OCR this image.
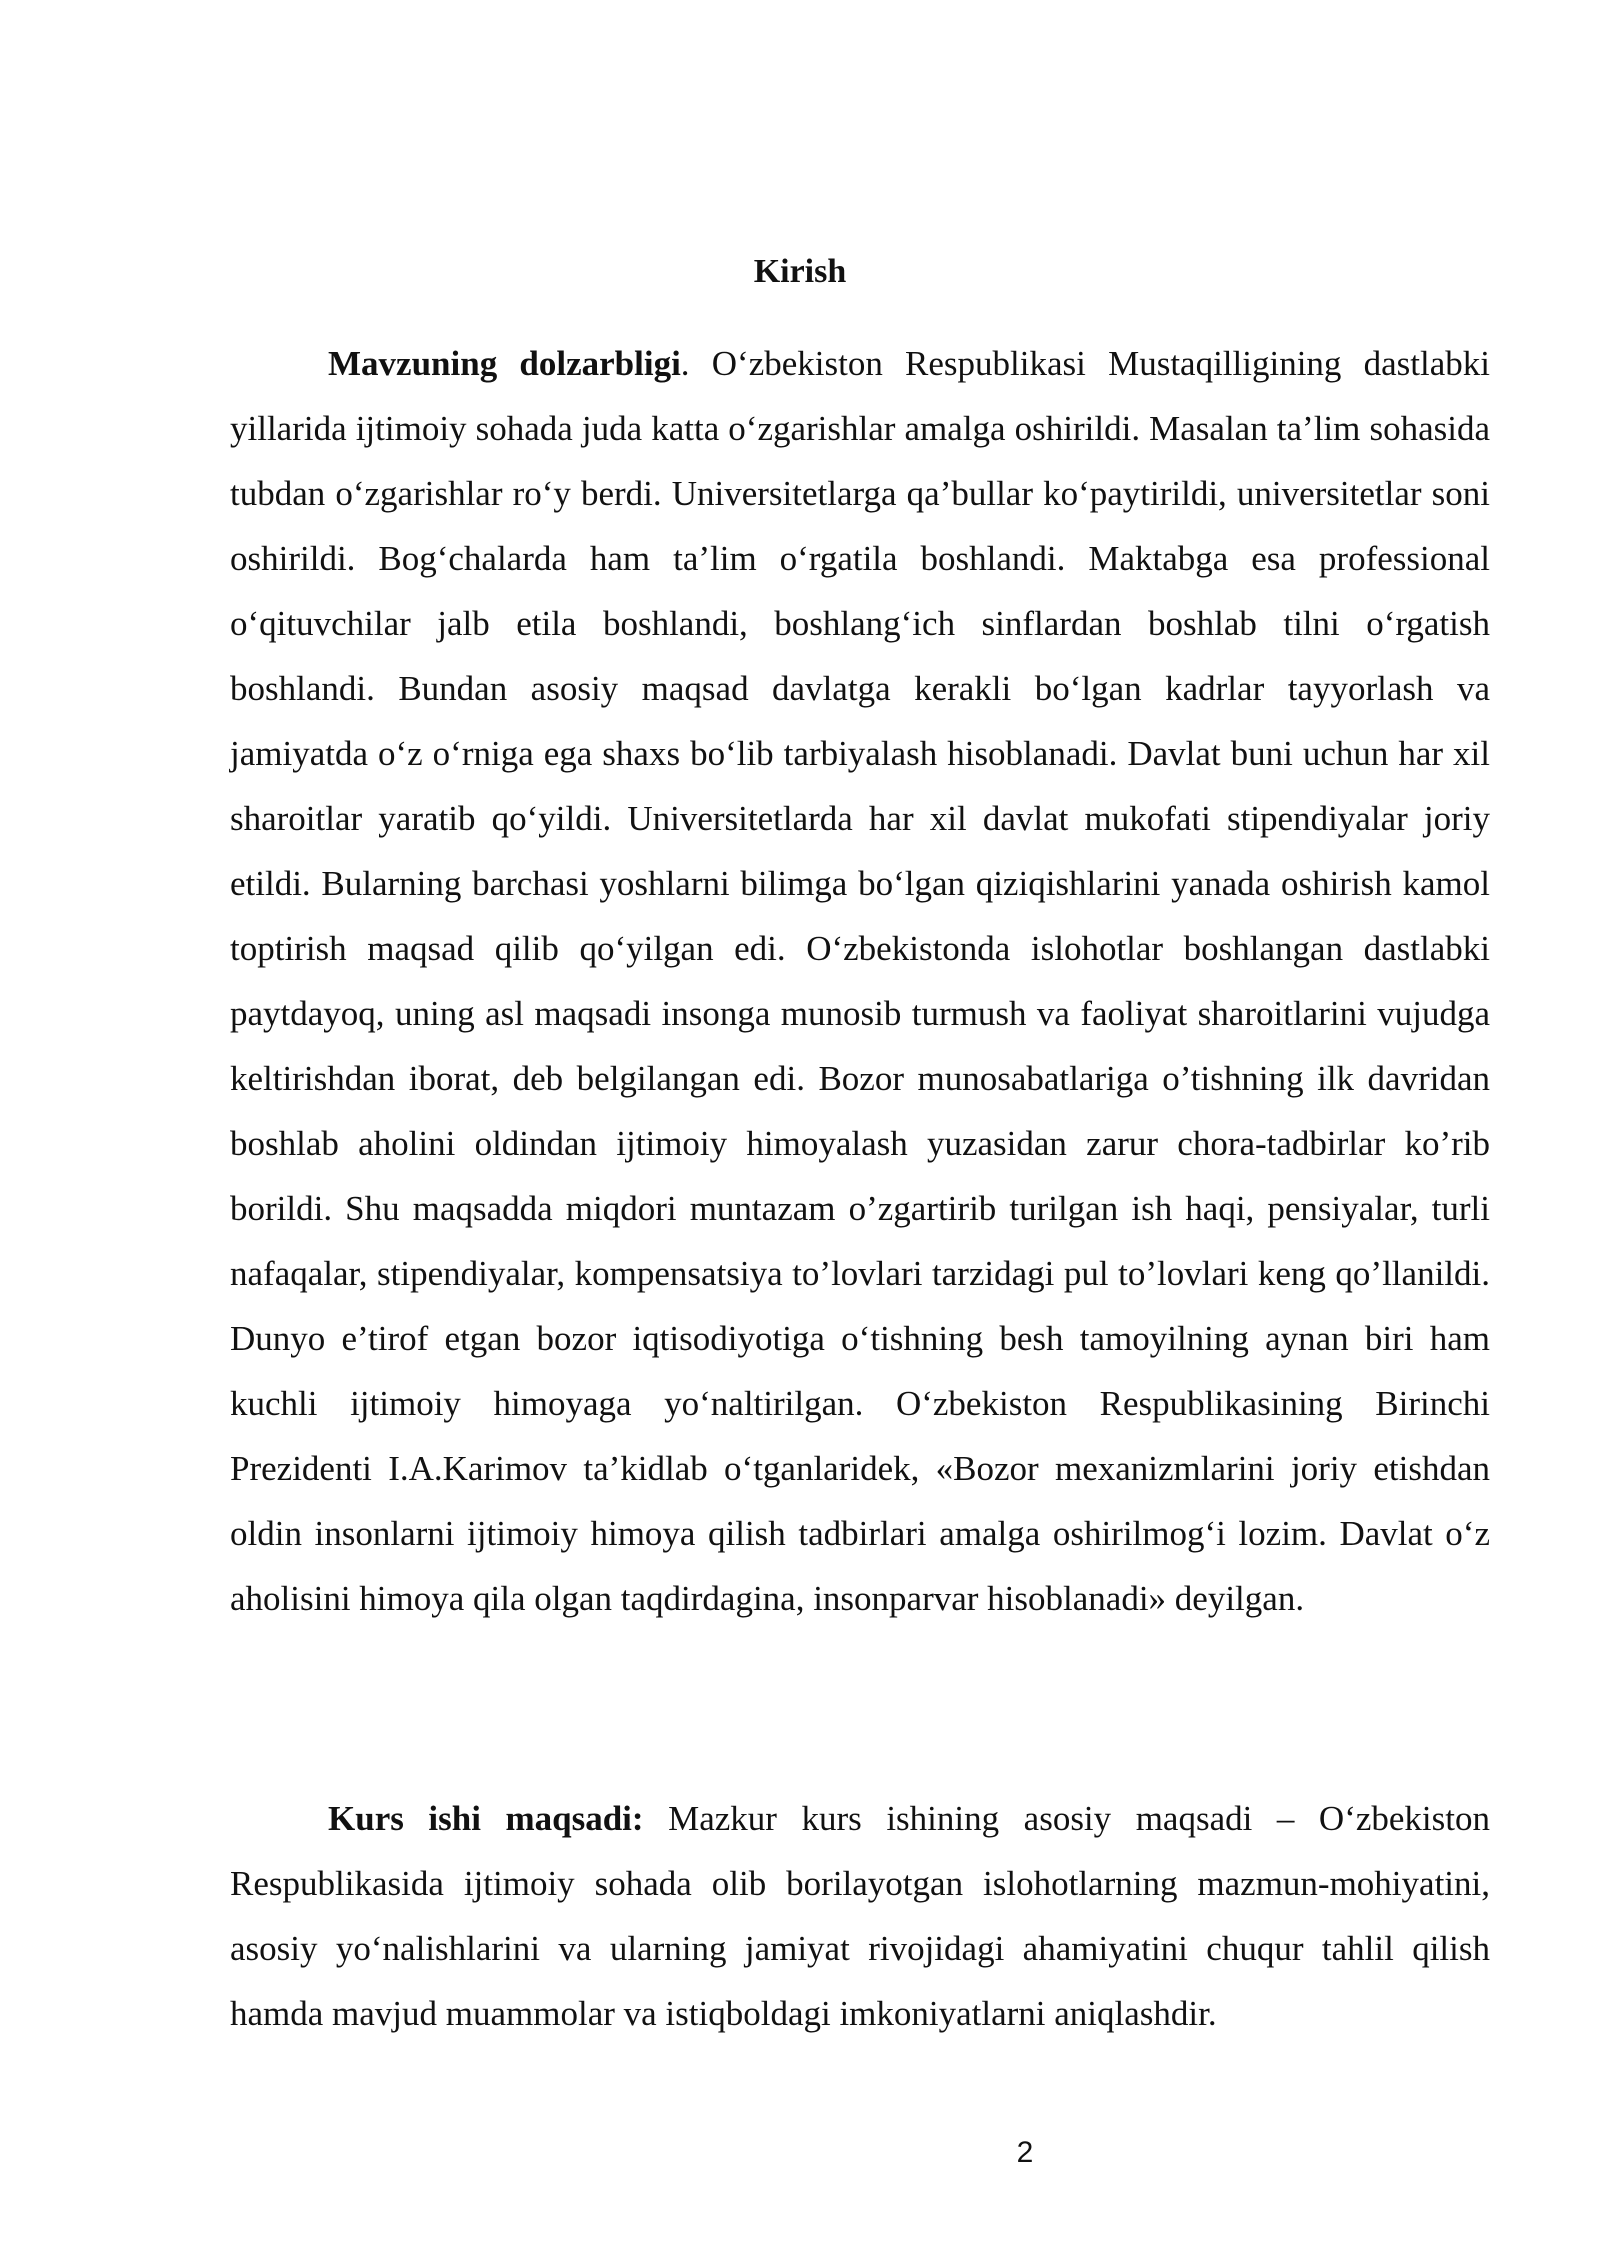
Kirish

Mavzuning dolzarbligi. O‘zbekiston Respublikasi Mustaqilligining dastlabki yillarida ijtimoiy sohada juda katta o‘zgarishlar amalga oshirildi. Masalan ta’lim sohasida tubdan o‘zgarishlar ro‘y berdi. Universitetlarga qa’bullar ko‘paytirildi, universitetlar soni oshirildi. Bog‘chalarda ham ta’lim o‘rgatila boshlandi. Maktabga esa professional o‘qituvchilar jalb etila boshlandi, boshlang‘ich sinflardan boshlab tilni o‘rgatish boshlandi. Bundan asosiy maqsad davlatga kerakli bo‘lgan kadrlar tayyorlash va jamiyatda o‘z o‘rniga ega shaxs bo‘lib tarbiyalash hisoblanadi. Davlat buni uchun har xil sharoitlar yaratib qo‘yildi. Universitetlarda har xil davlat mukofati stipendiyalar joriy etildi. Bularning barchasi yoshlarni bilimga bo‘lgan qiziqishlarini yanada oshirish kamol toptirish maqsad qilib qo‘yilgan edi. O‘zbekistonda islohotlar boshlangan dastlabki paytdayoq, uning asl maqsadi insonga munosib turmush va faoliyat sharoitlarini vujudga keltirishdan iborat, deb belgilangan edi. Bozor munosabatlariga o’tishning ilk davridan boshlab aholini oldindan ijtimoiy himoyalash yuzasidan zarur chora-tadbirlar ko’rib borildi. Shu maqsadda miqdori muntazam o’zgartirib turilgan ish haqi, pensiyalar, turli nafaqalar, stipendiyalar, kompensatsiya to’lovlari tarzidagi pul to’lovlari keng qo’llanildi. Dunyo e’tirof etgan bozor iqtisodiyotiga o‘tishning besh tamoyilning aynan biri ham kuchli ijtimoiy himoyaga yo‘naltirilgan. O‘zbekiston Respublikasining Birinchi Prezidenti I.A.Karimov ta’kidlab o‘tganlaridek, «Bozor mexanizmlarini joriy etishdan oldin insonlarni ijtimoiy himoya qilish tadbirlari amalga oshirilmog‘i lozim. Davlat o‘z aholisini himoya qila olgan taqdirdagina, insonparvar hisoblanadi» deyilgan.

Kurs ishi maqsadi: Mazkur kurs ishining asosiy maqsadi – O‘zbekiston Respublikasida ijtimoiy sohada olib borilayotgan islohotlarning mazmun-mohiyatini, asosiy yo‘nalishlarini va ularning jamiyat rivojidagi ahamiyatini chuqur tahlil qilish hamda mavjud muammolar va istiqboldagi imkoniyatlarni aniqlashdir.

2
